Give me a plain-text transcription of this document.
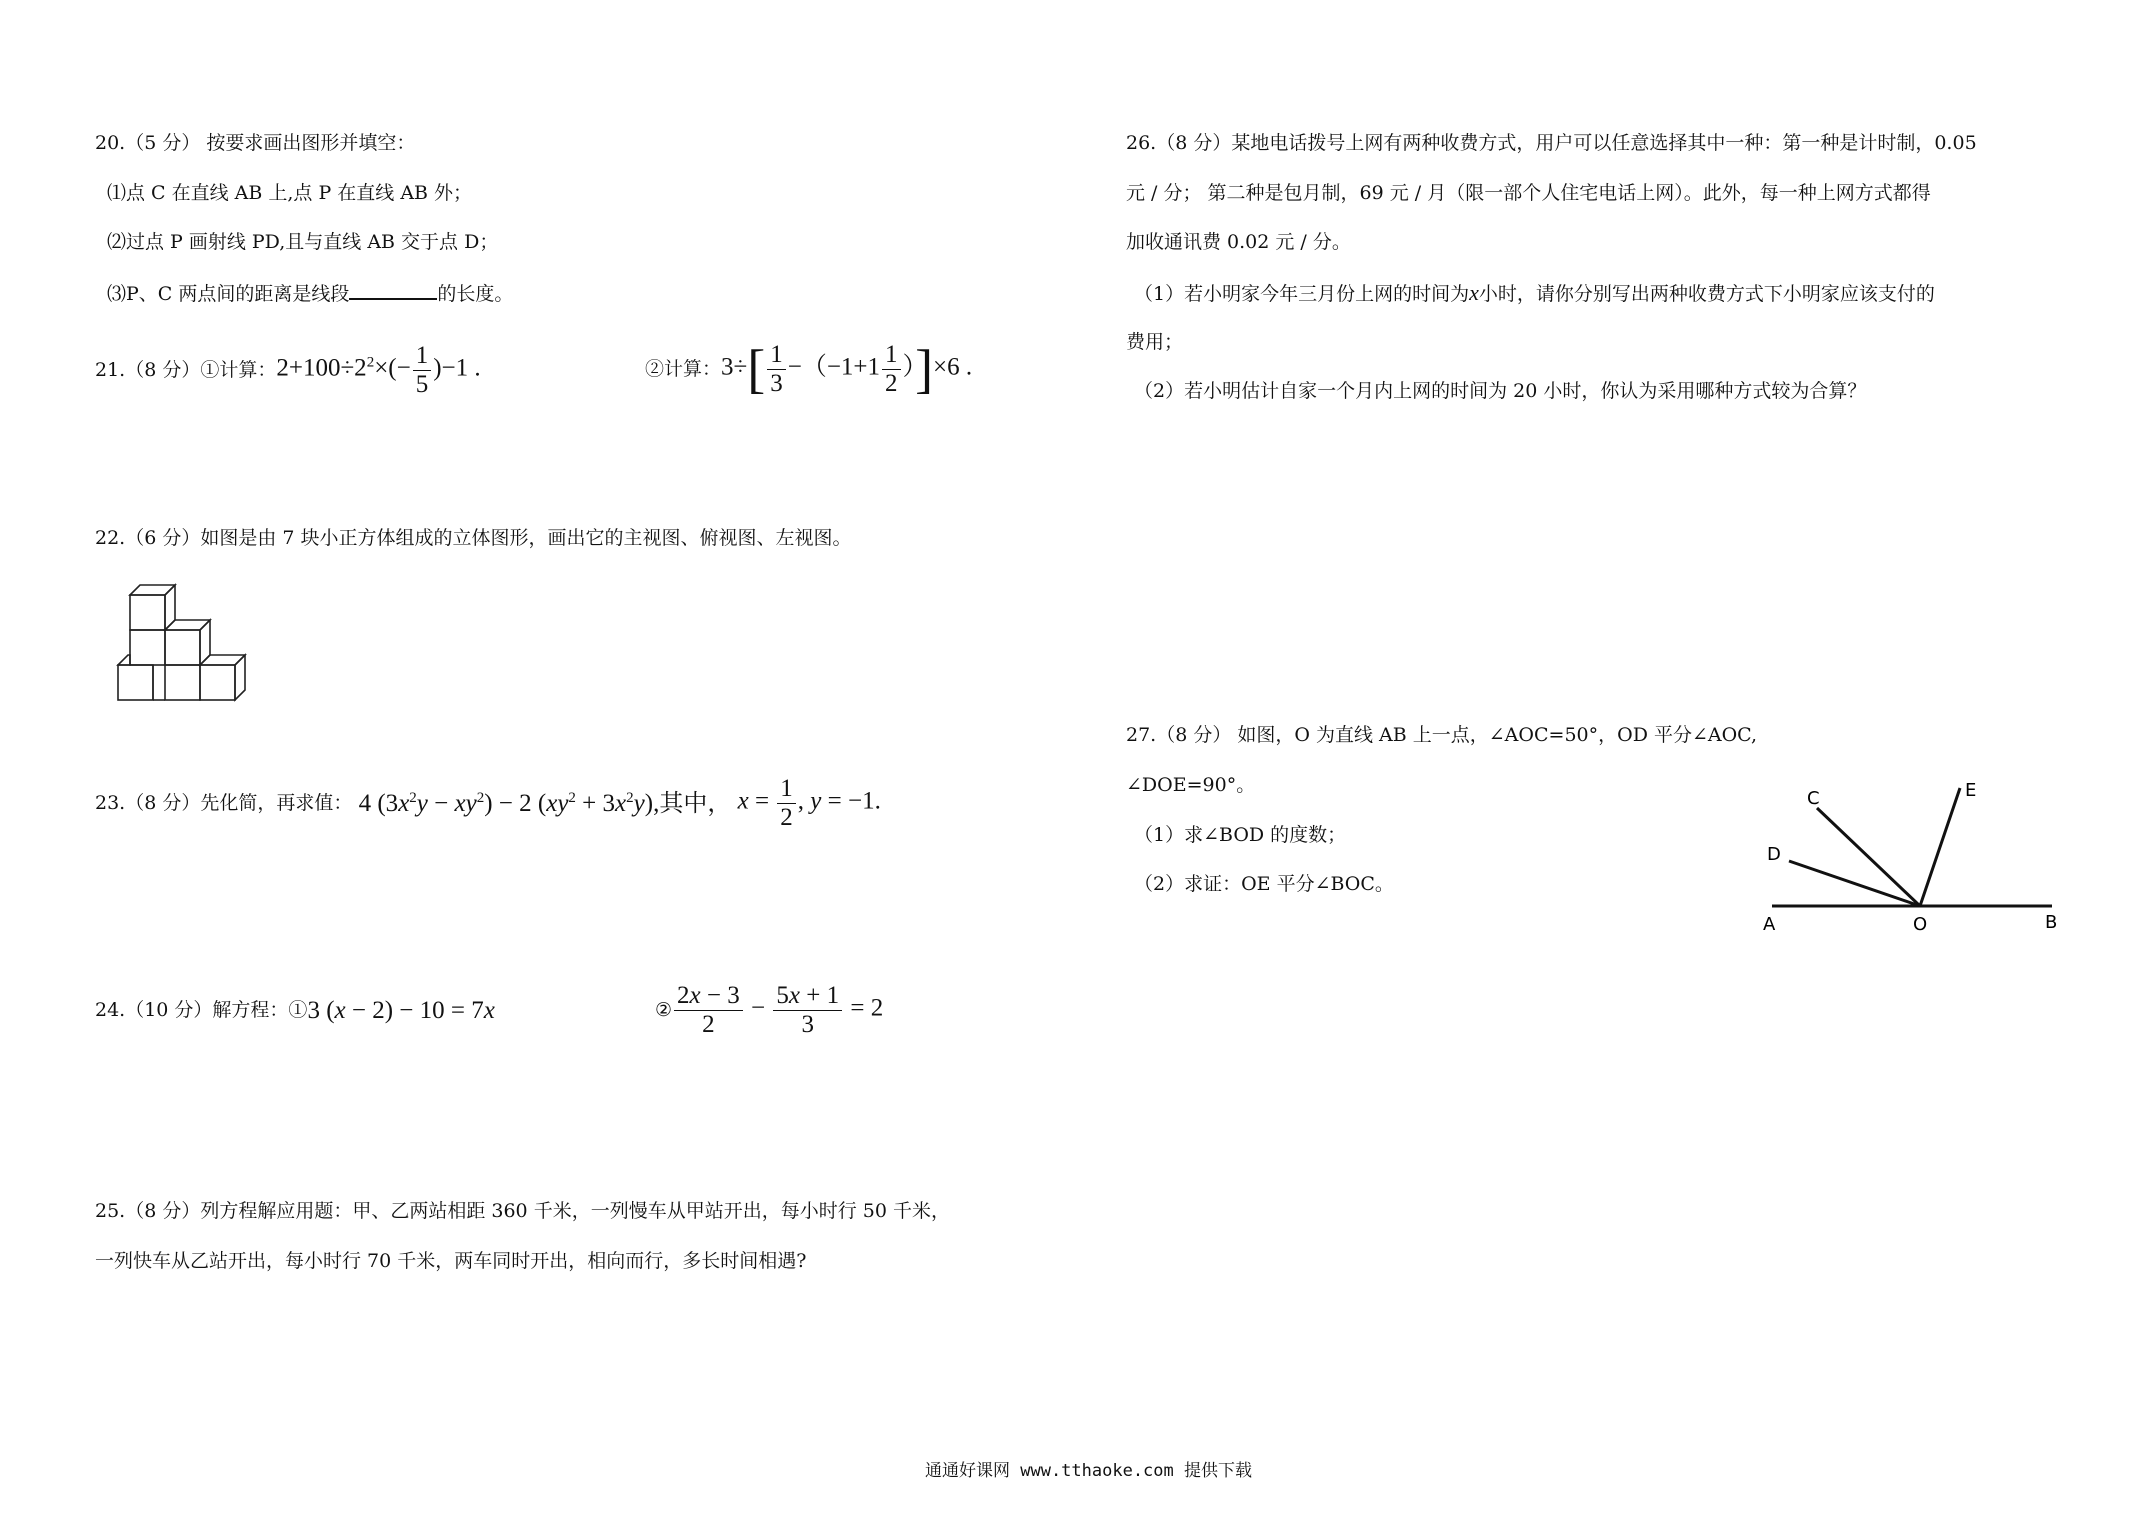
20.（5 分） 按要求画出图形并填空：
⑴点 C 在直线 AB 上,点 P 在直线 AB 外；
⑵过点 P 画射线 PD,且与直线 AB 交于点 D；
⑶P、C 两点间的距离是线段	的长度。
21.（8 分）①计算： $2+100\div 2^2\times(- \frac{1}{5} )-1$ .	②计算： $3\div[ \frac{1}{3} -(-1+1 \frac{1}{2} )]\times 6$ .
22.（6 分）如图是由 7 块小正方体组成的立体图形，画出它的主视图、俯视图、左视图。
23.（8 分）先化简，再求值： 4 $(3x^2y - xy^2) - 2$ $(xy^2 + 3x^2y)$, 其中， $x = \frac{1}{2}$ , y = −1.
24.（10 分）解方程：① 3 (x − 2) − 10 = 7x	② $\frac{2x - 3}{2} - \frac{5x + 1}{3} = 2$
25.（8 分）列方程解应用题：甲、乙两站相距 360 千米，一列慢车从甲站开出，每小时行 50 千米，
一列快车从乙站开出，每小时行 70 千米，两车同时开出，相向而行，多长时间相遇?
26.（8 分）某地电话拨号上网有两种收费方式，用户可以任意选择其中一种：第一种是计时制，0.05
元 / 分； 第二种是包月制，69 元 / 月（限一部个人住宅电话上网）。此外，每一种上网方式都得
加收通讯费 0.02 元 / 分。
（1）若小明家今年三月份上网的时间为x小时，请你分别写出两种收费方式下小明家应该支付的
费用；
（2）若小明估计自家一个月内上网的时间为 20 小时，你认为采用哪种方式较为合算？
27.（8 分） 如图，O 为直线 AB 上一点，∠AOC=50°，OD 平分∠AOC,
∠DOE=90°。
（1）求∠BOD 的度数；
（2）求证：OE 平分∠BOC。
A	O	B
C
D
E
通通好课网 www.tthaoke.com 提供下载
